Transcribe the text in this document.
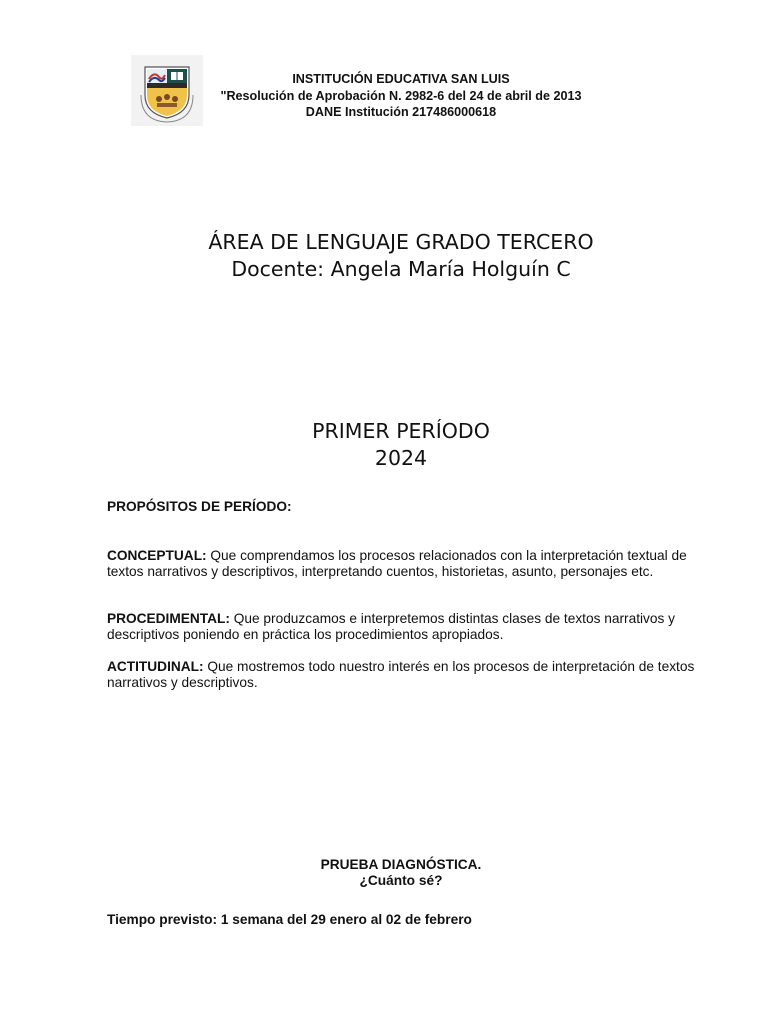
INSTITUCIÓN EDUCATIVA SAN LUIS
"Resolución de Aprobación N. 2982-6 del 24 de abril de 2013
DANE Institución 217486000618
ÁREA DE LENGUAJE GRADO TERCERO
Docente: Angela María Holguín C
PRIMER PERÍODO
2024
PROPÓSITOS DE PERÍODO:
CONCEPTUAL: Que comprendamos los procesos relacionados con la interpretación textual de textos narrativos y descriptivos, interpretando cuentos, historietas, asunto, personajes etc.
PROCEDIMENTAL: Que produzcamos e interpretemos distintas clases de textos narrativos y descriptivos poniendo en práctica los procedimientos apropiados.
ACTITUDINAL: Que mostremos todo nuestro interés en los procesos de interpretación de textos narrativos y descriptivos.
PRUEBA DIAGNÓSTICA.
¿Cuánto sé?
Tiempo previsto: 1 semana del 29 enero al 02 de febrero
